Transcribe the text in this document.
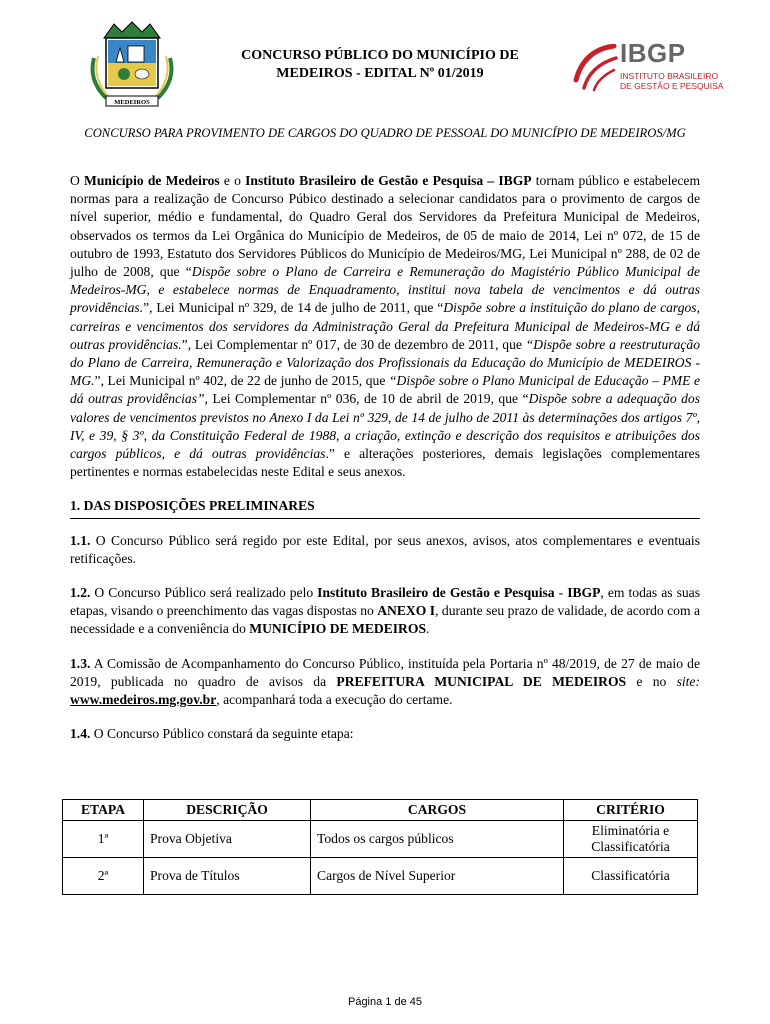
MEDEIROS
CONCURSO PÚBLICO DO MUNICÍPIO DE
MEDEIROS - EDITAL Nº 01/2019
IBGP
INSTITUTO BRASILEIRO
DE GESTÃO E PESQUISA
CONCURSO PARA PROVIMENTO DE CARGOS DO QUADRO DE PESSOAL DO MUNICÍPIO DE MEDEIROS/MG

O Município de Medeiros e o Instituto Brasileiro de Gestão e Pesquisa – IBGP tornam público e estabelecem normas para a realização de Concurso Púbico destinado a selecionar candidatos para o provimento de cargos de nível superior, médio e fundamental, do Quadro Geral dos Servidores da Prefeitura Municipal de Medeiros, observados os termos da Lei Orgânica do Município de Medeiros, de 05 de maio de 2014, Lei nº 072, de 15 de outubro de 1993, Estatuto dos Servidores Públicos do Município de Medeiros/MG, Lei Municipal nº 288, de 02 de julho de 2008, que “Dispõe sobre o Plano de Carreira e Remuneração do Magistério Público Municipal de Medeiros-MG, e estabelece normas de Enquadramento, institui nova tabela de vencimentos e dá outras providências.”, Lei Municipal nº 329, de 14 de julho de 2011, que “Dispõe sobre a instituição do plano de cargos, carreiras e vencimentos dos servidores da Administração Geral da Prefeitura Municipal de Medeiros-MG e dá outras providências.”, Lei Complementar nº 017, de 30 de dezembro de 2011, que “Dispõe sobre a reestruturação do Plano de Carreira, Remuneração e Valorização dos Profissionais da Educação do Município de MEDEIROS - MG.”, Lei Municipal nº 402, de 22 de junho de 2015, que “Dispõe sobre o Plano Municipal de Educação – PME e dá outras providências”, Lei Complementar nº 036, de 10 de abril de 2019, que “Dispõe sobre a adequação dos valores de vencimentos previstos no Anexo I da Lei nº 329, de 14 de julho de 2011 às determinações dos artigos 7º, IV, e 39, § 3º, da Constituição Federal de 1988, a criação, extinção e descrição dos requisitos e atribuições dos cargos públicos, e dá outras providências.” e alterações posteriores, demais legislações complementares pertinentes e normas estabelecidas neste Edital e seus anexos.

1. DAS DISPOSIÇÕES PRELIMINARES

1.1. O Concurso Público será regido por este Edital, por seus anexos, avisos, atos complementares e eventuais retificações.

1.2. O Concurso Público será realizado pelo Instituto Brasileiro de Gestão e Pesquisa - IBGP, em todas as suas etapas, visando o preenchimento das vagas dispostas no ANEXO I, durante seu prazo de validade, de acordo com a necessidade e a conveniência do MUNICÍPIO DE MEDEIROS.

1.3. A Comissão de Acompanhamento do Concurso Público, instituída pela Portaria nº 48/2019, de 27 de maio de 2019, publicada no quadro de avisos da PREFEITURA MUNICIPAL DE MEDEIROS e no site: www.medeiros.mg.gov.br, acompanhará toda a execução do certame.

1.4. O Concurso Público constará da seguinte etapa:

ETAPA	DESCRIÇÃO	CARGOS	CRITÉRIO
1ª	Prova Objetiva	Todos os cargos públicos	Eliminatória e
Classificatória

2ª	Prova de Títulos	Cargos de Nível Superior	Classificatória
Página 1 de 45
